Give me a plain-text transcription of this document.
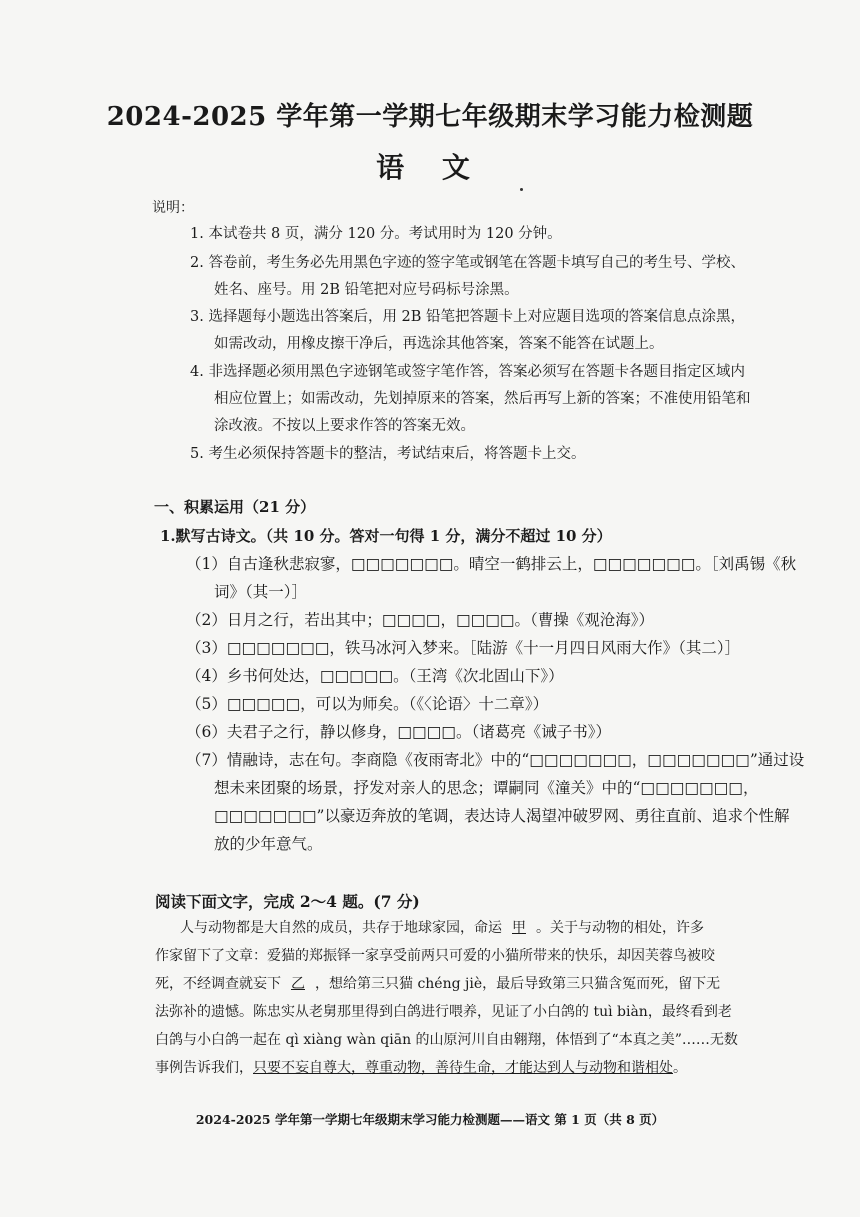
2024-2025 学年第一学期七年级期末学习能力检测题
语 文
说明：
1. 本试卷共 8 页，满分 120 分。考试用时为 120 分钟。
2. 答卷前，考生务必先用黑色字迹的签字笔或钢笔在答题卡填写自己的考生号、学校、
姓名、座号。用 2B 铅笔把对应号码标号涂黑。
3. 选择题每小题选出答案后，用 2B 铅笔把答题卡上对应题目选项的答案信息点涂黑，
如需改动，用橡皮擦干净后，再选涂其他答案，答案不能答在试题上。
4. 非选择题必须用黑色字迹钢笔或签字笔作答，答案必须写在答题卡各题目指定区域内
相应位置上；如需改动，先划掉原来的答案，然后再写上新的答案；不准使用铅笔和
涂改液。不按以上要求作答的答案无效。
5. 考生必须保持答题卡的整洁，考试结束后，将答题卡上交。
一、积累运用（21 分）
1.默写古诗文。（共 10 分。答对一句得 1 分，满分不超过 10 分）
（1）自古逢秋悲寂寥，□□□□□□□。晴空一鹤排云上，□□□□□□□。［刘禹锡《秋
词》（其一）］
（2）日月之行，若出其中；□□□□，□□□□。（曹操《观沧海》）
（3）□□□□□□□，铁马冰河入梦来。［陆游《十一月四日风雨大作》（其二）］
（4）乡书何处达，□□□□□。（王湾《次北固山下》）
（5）□□□□□，可以为师矣。（《〈论语〉十二章》）
（6）夫君子之行，静以修身，□□□□。（诸葛亮《诫子书》）
（7）情融诗，志在句。李商隐《夜雨寄北》中的“□□□□□□□，□□□□□□□”通过设
想未来团聚的场景，抒发对亲人的思念；谭嗣同《潼关》中的“□□□□□□□，
□□□□□□□”以豪迈奔放的笔调，表达诗人渴望冲破罗网、勇往直前、追求个性解
放的少年意气。
阅读下面文字，完成 2～4 题。(7 分)
人与动物都是大自然的成员，共存于地球家园，命运 甲 。关于与动物的相处，许多
作家留下了文章：爱猫的郑振铎一家享受前两只可爱的小猫所带来的快乐，却因芙蓉鸟被咬
死，不经调查就妄下 乙 ，想给第三只猫 chéng jiè，最后导致第三只猫含冤而死，留下无
法弥补的遗憾。陈忠实从老舅那里得到白鸽进行喂养，见证了小白鸽的 tuì biàn，最终看到老
白鸽与小白鸽一起在 qì xiàng wàn qiān 的山原河川自由翱翔，体悟到了“本真之美”……无数
事例告诉我们，只要不妄自尊大，尊重动物，善待生命，才能达到人与动物和谐相处。
2024-2025 学年第一学期七年级期末学习能力检测题——语文 第 1 页（共 8 页）
